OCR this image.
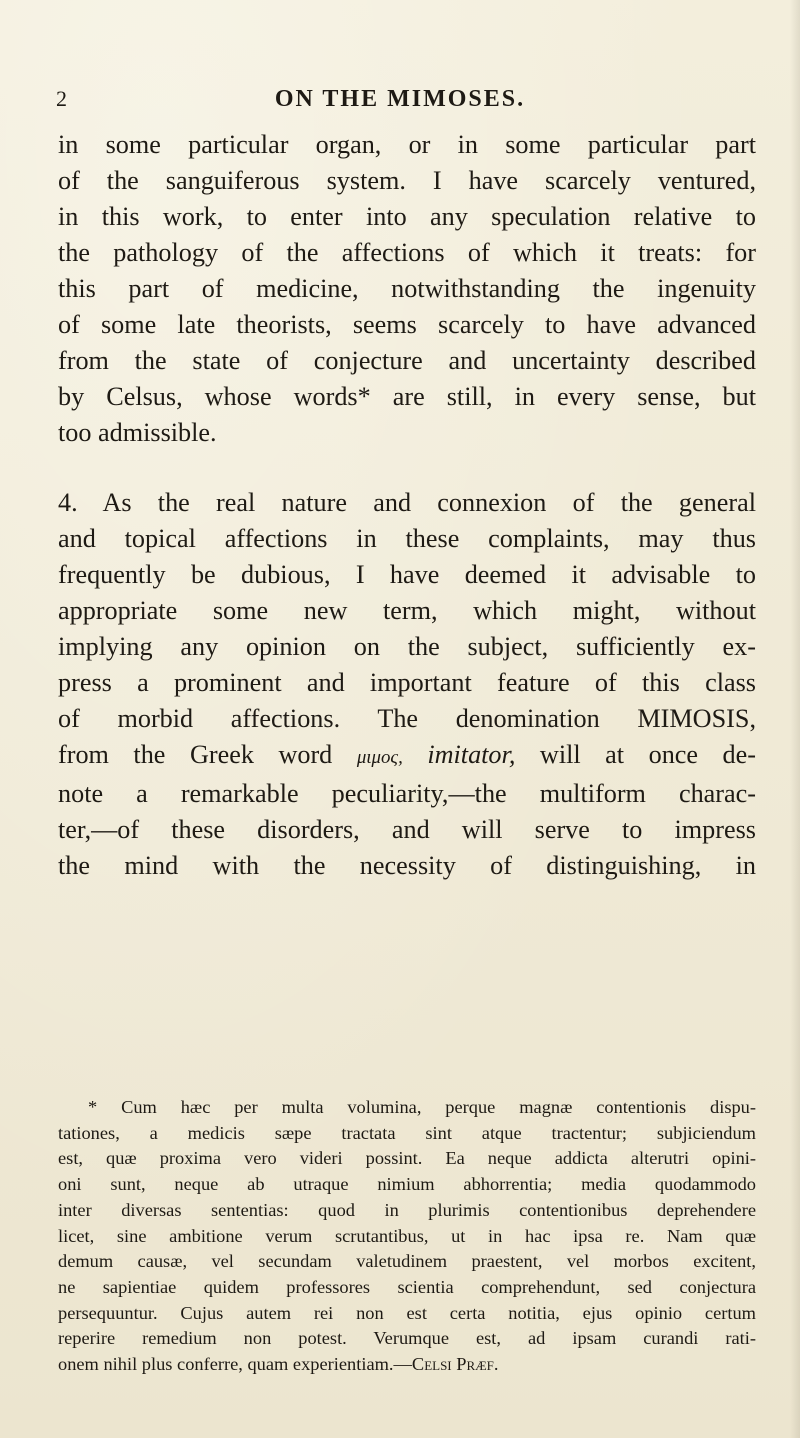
2	ON THE MIMOSES.
in some particular organ, or in some particular part
of the sanguiferous system. I have scarcely ventured,
in this work, to enter into any speculation relative to
the pathology of the affections of which it treats: for
this part of medicine, notwithstanding the ingenuity
of some late theorists, seems scarcely to have advanced
from the state of conjecture and uncertainty described
by Celsus, whose words* are still, in every sense, but
too admissible.
4. As the real nature and connexion of the general
and topical affections in these complaints, may thus
frequently be dubious, I have deemed it advisable to
appropriate some new term, which might, without
implying any opinion on the subject, sufficiently ex-
press a prominent and important feature of this class
of morbid affections. The denomination MIMOSIS,
from the Greek word μιμος, imitator, will at once de-
note a remarkable peculiarity,—the multiform charac-
ter,—of these disorders, and will serve to impress
the mind with the necessity of distinguishing, in
* Cum hæc per multa volumina, perque magnæ contentionis dispu-
tationes, a medicis sæpe tractata sint atque tractentur; subjiciendum
est, quæ proxima vero videri possint. Ea neque addicta alterutri opini-
oni sunt, neque ab utraque nimium abhorrentia; media quodammodo
inter diversas sententias: quod in plurimis contentionibus deprehendere
licet, sine ambitione verum scrutantibus, ut in hac ipsa re. Nam quæ
demum causæ, vel secundam valetudinem praestent, vel morbos excitent,
ne sapientiae quidem professores scientia comprehendunt, sed conjectura
persequuntur. Cujus autem rei non est certa notitia, ejus opinio certum
reperire remedium non potest. Verumque est, ad ipsam curandi rati-
onem nihil plus conferre, quam experientiam.—Celsi Præf.
